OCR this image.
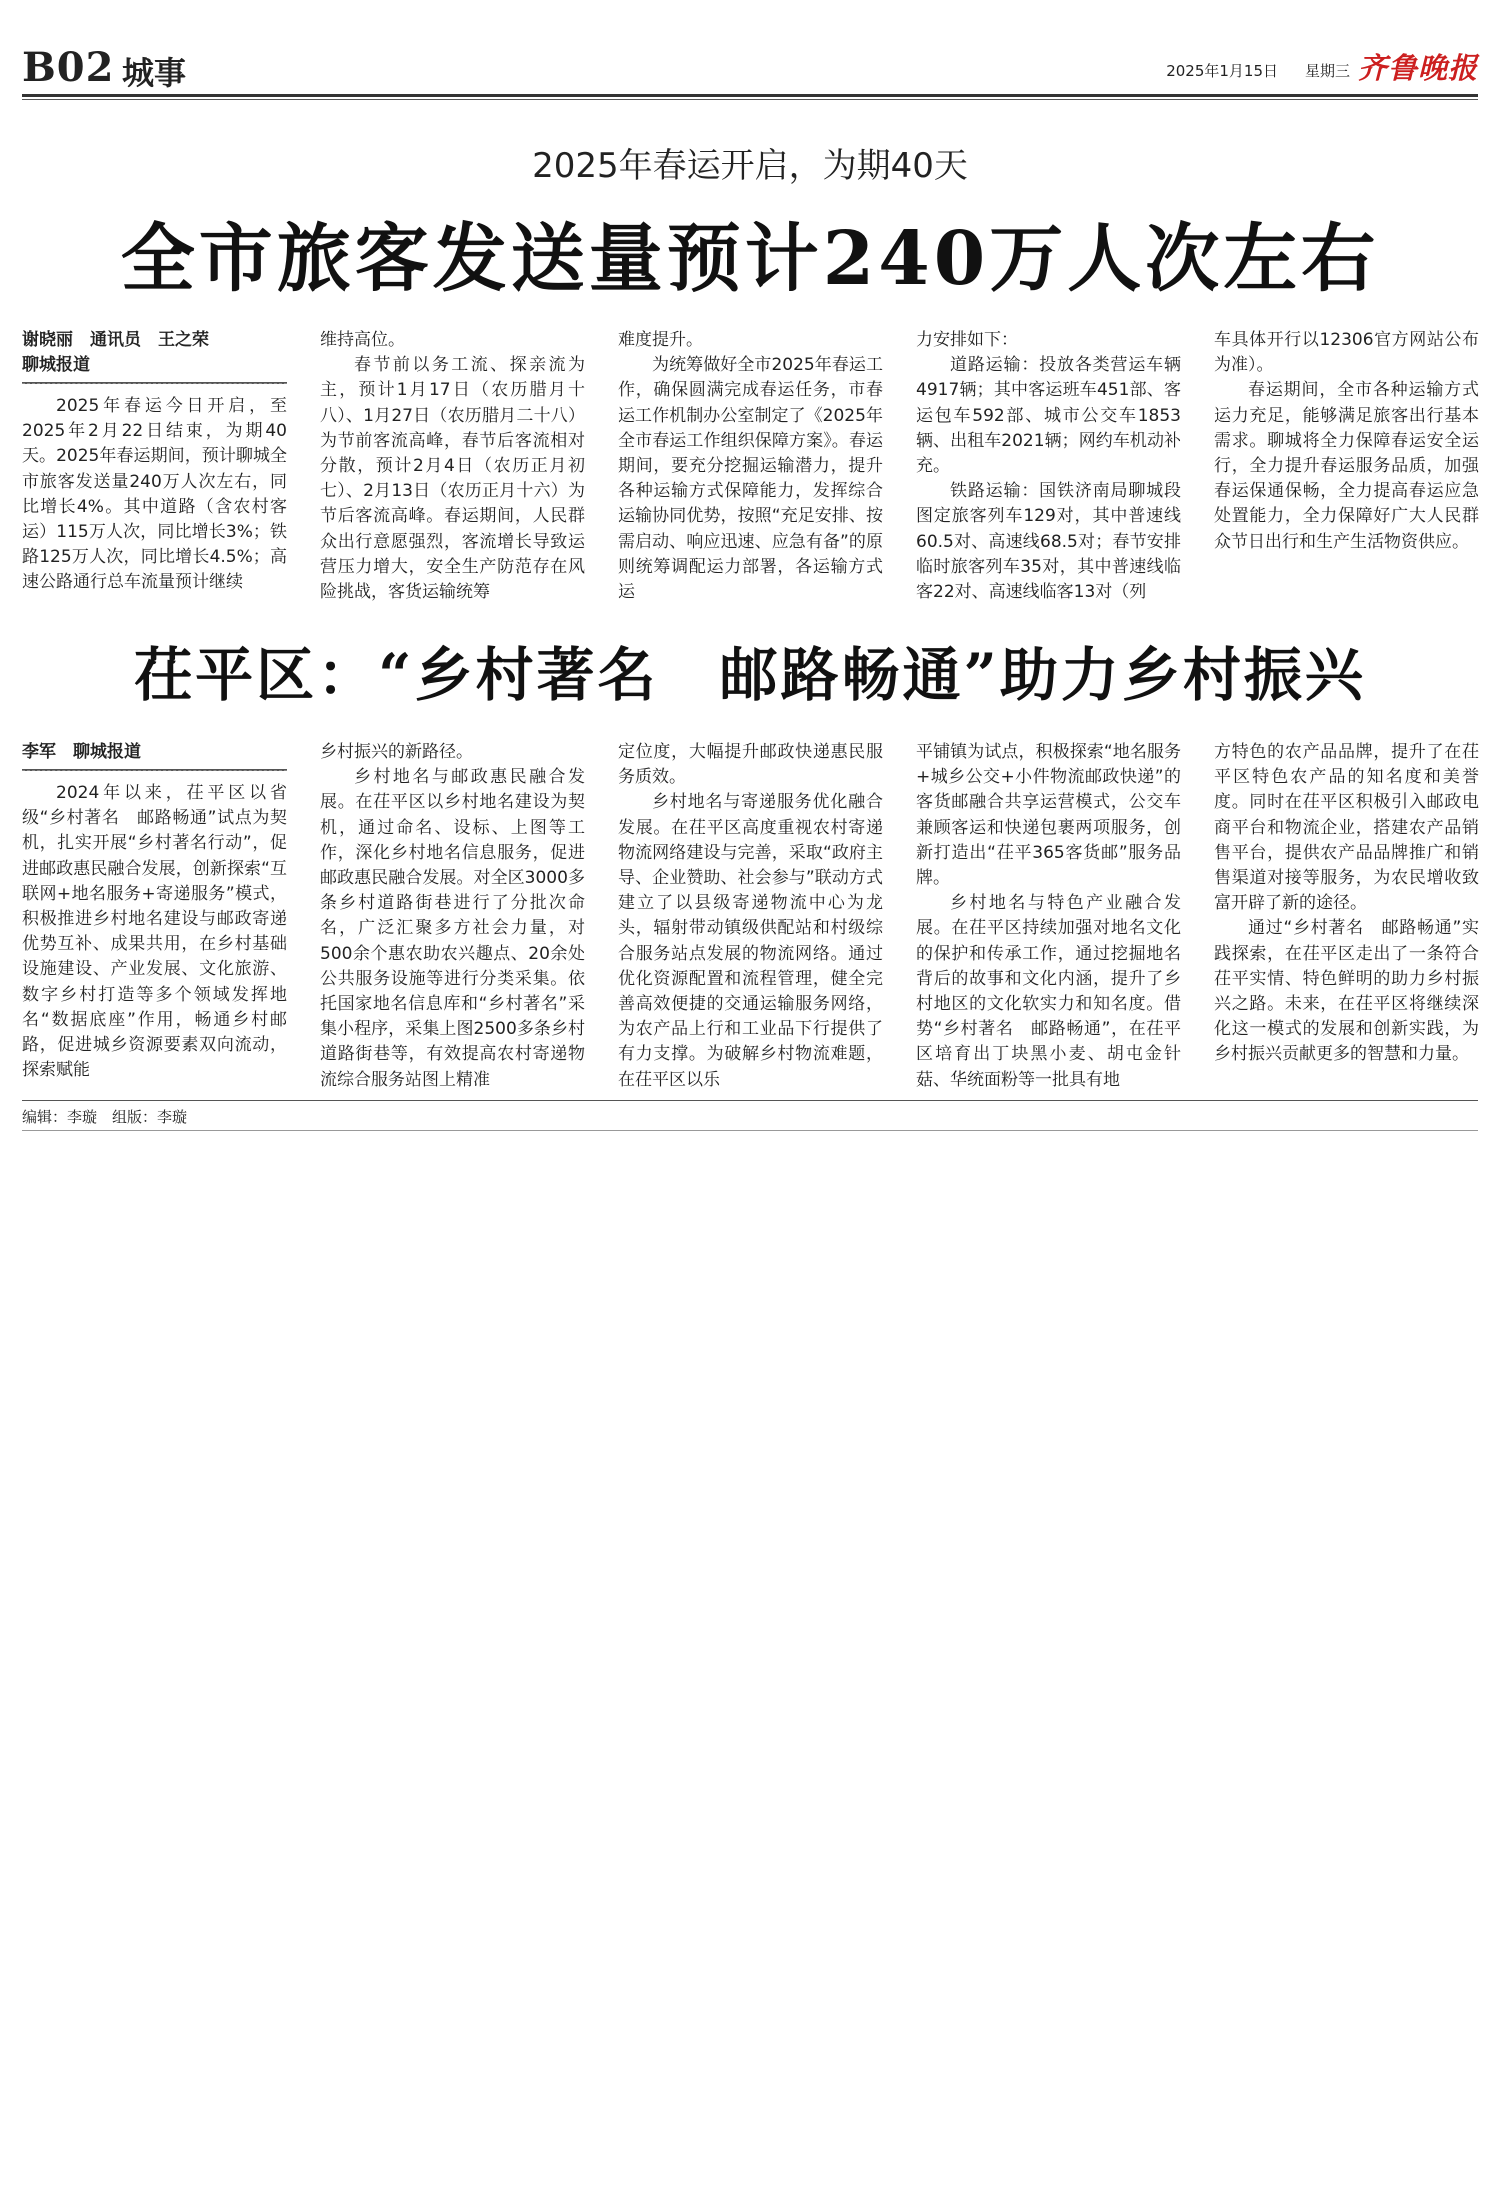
B02 城事	2025年1月15日 星期三 齐鲁晚报
2025年春运开启，为期40天
全市旅客发送量预计240万人次左右
谢晓丽　通讯员　王之荣
聊城报道

2025年春运今日开启，至2025年2月22日结束，为期40天。2025年春运期间，预计聊城全市旅客发送量240万人次左右，同比增长4%。其中道路（含农村客运）115万人次，同比增长3%；铁路125万人次，同比增长4.5%；高速公路通行总车流量预计继续

维持高位。

春节前以务工流、探亲流为主，预计1月17日（农历腊月十八）、1月27日（农历腊月二十八）为节前客流高峰，春节后客流相对分散，预计2月4日（农历正月初七）、2月13日（农历正月十六）为节后客流高峰。春运期间，人民群众出行意愿强烈，客流增长导致运营压力增大，安全生产防范存在风险挑战，客货运输统筹

难度提升。

为统筹做好全市2025年春运工作，确保圆满完成春运任务，市春运工作机制办公室制定了《2025年全市春运工作组织保障方案》。春运期间，要充分挖掘运输潜力，提升各种运输方式保障能力，发挥综合运输协同优势，按照“充足安排、按需启动、响应迅速、应急有备”的原则统筹调配运力部署，各运输方式运

力安排如下：

道路运输：投放各类营运车辆4917辆；其中客运班车451部、客运包车592部、城市公交车1853辆、出租车2021辆；网约车机动补充。

铁路运输：国铁济南局聊城段图定旅客列车129对，其中普速线60.5对、高速线68.5对；春节安排临时旅客列车35对，其中普速线临客22对、高速线临客13对（列

车具体开行以12306官方网站公布为准）。

春运期间，全市各种运输方式运力充足，能够满足旅客出行基本需求。聊城将全力保障春运安全运行，全力提升春运服务品质，加强春运保通保畅，全力提高春运应急处置能力，全力保障好广大人民群众节日出行和生产生活物资供应。

茌平区：“乡村著名　邮路畅通”助力乡村振兴
李军　聊城报道

2024年以来，茌平区以省级“乡村著名　邮路畅通”试点为契机，扎实开展“乡村著名行动”，促进邮政惠民融合发展，创新探索“互联网+地名服务+寄递服务”模式，积极推进乡村地名建设与邮政寄递优势互补、成果共用，在乡村基础设施建设、产业发展、文化旅游、数字乡村打造等多个领域发挥地名“数据底座”作用，畅通乡村邮路，促进城乡资源要素双向流动，探索赋能

乡村振兴的新路径。

乡村地名与邮政惠民融合发展。在茌平区以乡村地名建设为契机，通过命名、设标、上图等工作，深化乡村地名信息服务，促进邮政惠民融合发展。对全区3000多条乡村道路街巷进行了分批次命名，广泛汇聚多方社会力量，对500余个惠农助农兴趣点、20余处公共服务设施等进行分类采集。依托国家地名信息库和“乡村著名”采集小程序，采集上图2500多条乡村道路街巷等，有效提高农村寄递物流综合服务站图上精准

定位度，大幅提升邮政快递惠民服务质效。

乡村地名与寄递服务优化融合发展。在茌平区高度重视农村寄递物流网络建设与完善，采取“政府主导、企业赞助、社会参与”联动方式建立了以县级寄递物流中心为龙头，辐射带动镇级供配站和村级综合服务站点发展的物流网络。通过优化资源配置和流程管理，健全完善高效便捷的交通运输服务网络，为农产品上行和工业品下行提供了有力支撑。为破解乡村物流难题，在茌平区以乐

平铺镇为试点，积极探索“地名服务+城乡公交+小件物流邮政快递”的客货邮融合共享运营模式，公交车兼顾客运和快递包裹两项服务，创新打造出“茌平365客货邮”服务品牌。

乡村地名与特色产业融合发展。在茌平区持续加强对地名文化的保护和传承工作，通过挖掘地名背后的故事和文化内涵，提升了乡村地区的文化软实力和知名度。借势“乡村著名　邮路畅通”，在茌平区培育出丁块黑小麦、胡屯金针菇、华统面粉等一批具有地

方特色的农产品品牌，提升了在茌平区特色农产品的知名度和美誉度。同时在茌平区积极引入邮政电商平台和物流企业，搭建农产品销售平台，提供农产品品牌推广和销售渠道对接等服务，为农民增收致富开辟了新的途径。

通过“乡村著名　邮路畅通”实践探索，在茌平区走出了一条符合茌平实情、特色鲜明的助力乡村振兴之路。未来，在茌平区将继续深化这一模式的发展和创新实践，为乡村振兴贡献更多的智慧和力量。

编辑：李璇　组版：李璇
